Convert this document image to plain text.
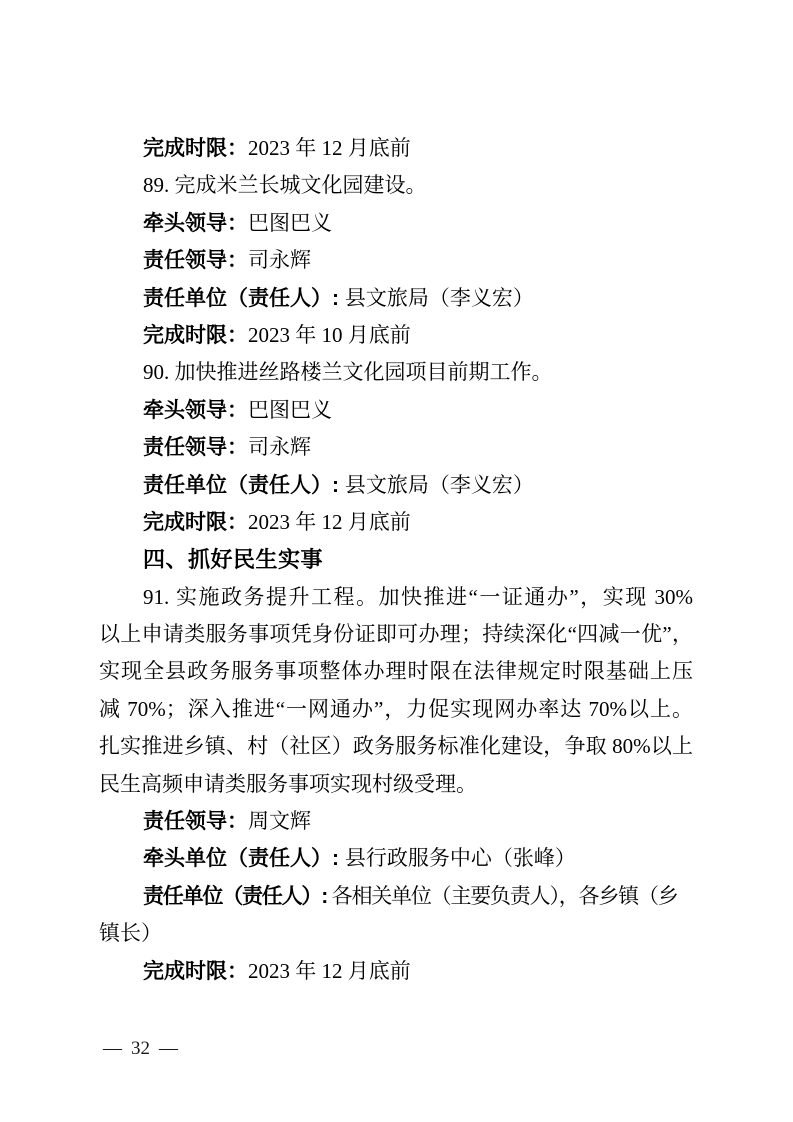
完成时限：2023 年 12 月底前
89. 完成米兰长城文化园建设。
牵头领导：巴图巴义
责任领导：司永辉
责任单位（责任人）: 县文旅局（李义宏）
完成时限：2023 年 10 月底前
90. 加快推进丝路楼兰文化园项目前期工作。
牵头领导：巴图巴义
责任领导：司永辉
责任单位（责任人）: 县文旅局（李义宏）
完成时限：2023 年 12 月底前
四、抓好民生实事
91. 实施政务提升工程。加快推进“一证通办”，实现 30%
以上申请类服务事项凭身份证即可办理；持续深化“四减一优”，
实现全县政务服务事项整体办理时限在法律规定时限基础上压
减 70%；深入推进“一网通办”，力促实现网办率达 70%以上。
扎实推进乡镇、村（社区）政务服务标准化建设，争取 80%以上
民生高频申请类服务事项实现村级受理。
责任领导：周文辉
牵头单位（责任人）: 县行政服务中心（张峰）
责任单位（责任人）: 各相关单位（主要负责人），各乡镇（乡
镇长）
完成时限：2023 年 12 月底前
— 32 —
